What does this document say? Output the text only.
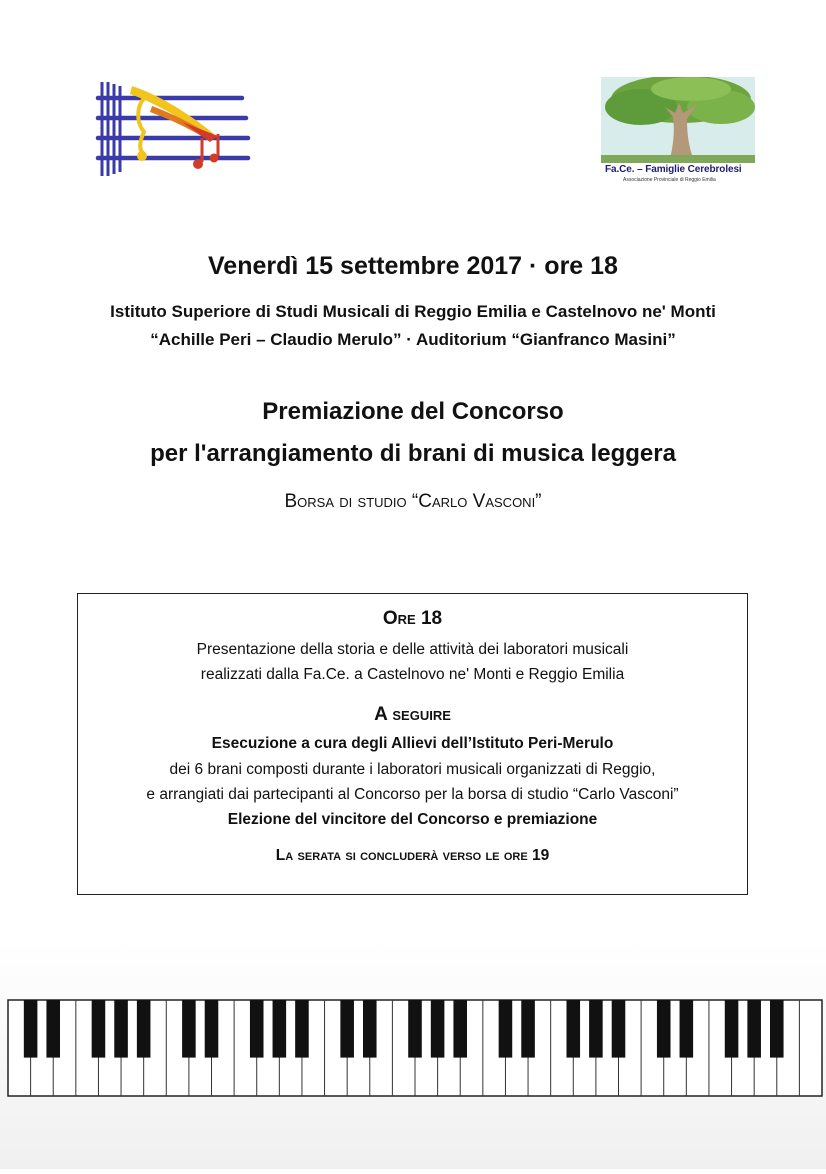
Fa.Ce. – Famiglie Cerebrolesi
Associazione Provinciale di Reggio Emilia
Venerdì 15 settembre 2017 · ore 18
Istituto Superiore di Studi Musicali di Reggio Emilia e Castelnovo ne' Monti
“Achille Peri – Claudio Merulo” · Auditorium “Gianfranco Masini”
Premiazione del Concorso
per l'arrangiamento di brani di musica leggera
Borsa di studio “Carlo Vasconi”
Ore 18
Presentazione della storia e delle attività dei laboratori musicali
realizzati dalla Fa.Ce. a Castelnovo ne' Monti e Reggio Emilia
A seguire
Esecuzione a cura degli Allievi dell’Istituto Peri-Merulo
dei 6 brani composti durante i laboratori musicali organizzati di Reggio,
e arrangiati dai partecipanti al Concorso per la borsa di studio “Carlo Vasconi”
Elezione del vincitore del Concorso e premiazione
La serata si concluderà verso le ore 19
